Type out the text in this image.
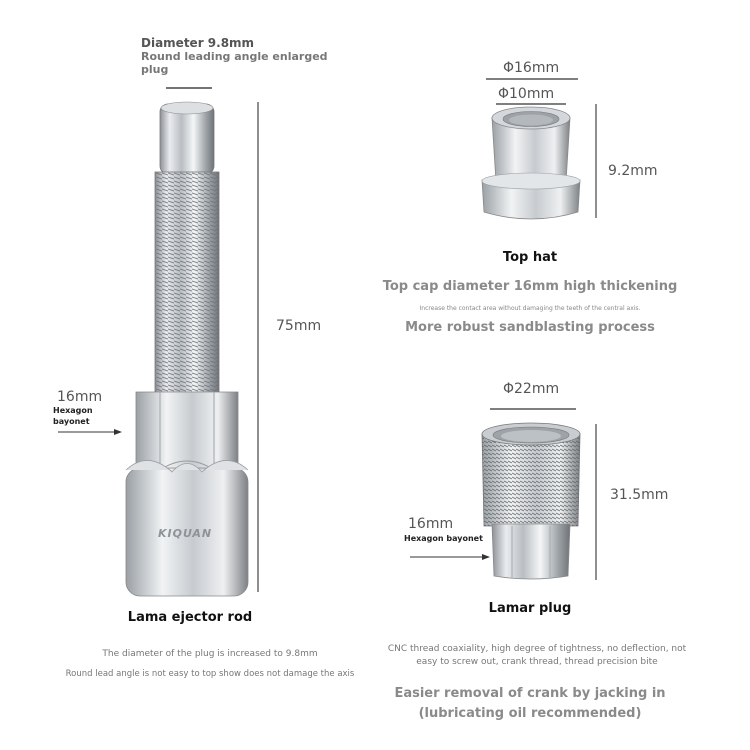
Diameter 9.8mm
Round leading angle enlarged plug
KIQUAN
75mm
16mm
Hexagon bayonet
Lama ejector rod
The diameter of the plug is increased to 9.8mm
Round lead angle is not easy to top show does not damage the axis
Φ16mm
Φ10mm
9.2mm
Top hat
Top cap diameter 16mm high thickening
Increase the contact area without damaging the teeth of the central axis.
More robust sandblasting process
Φ22mm
31.5mm
16mm
Hexagon bayonet
Lamar plug
CNC thread coaxiality, high degree of tightness, no deflection, not easy to screw out, crank thread, thread precision bite
Easier removal of crank by jacking in
(lubricating oil recommended)
